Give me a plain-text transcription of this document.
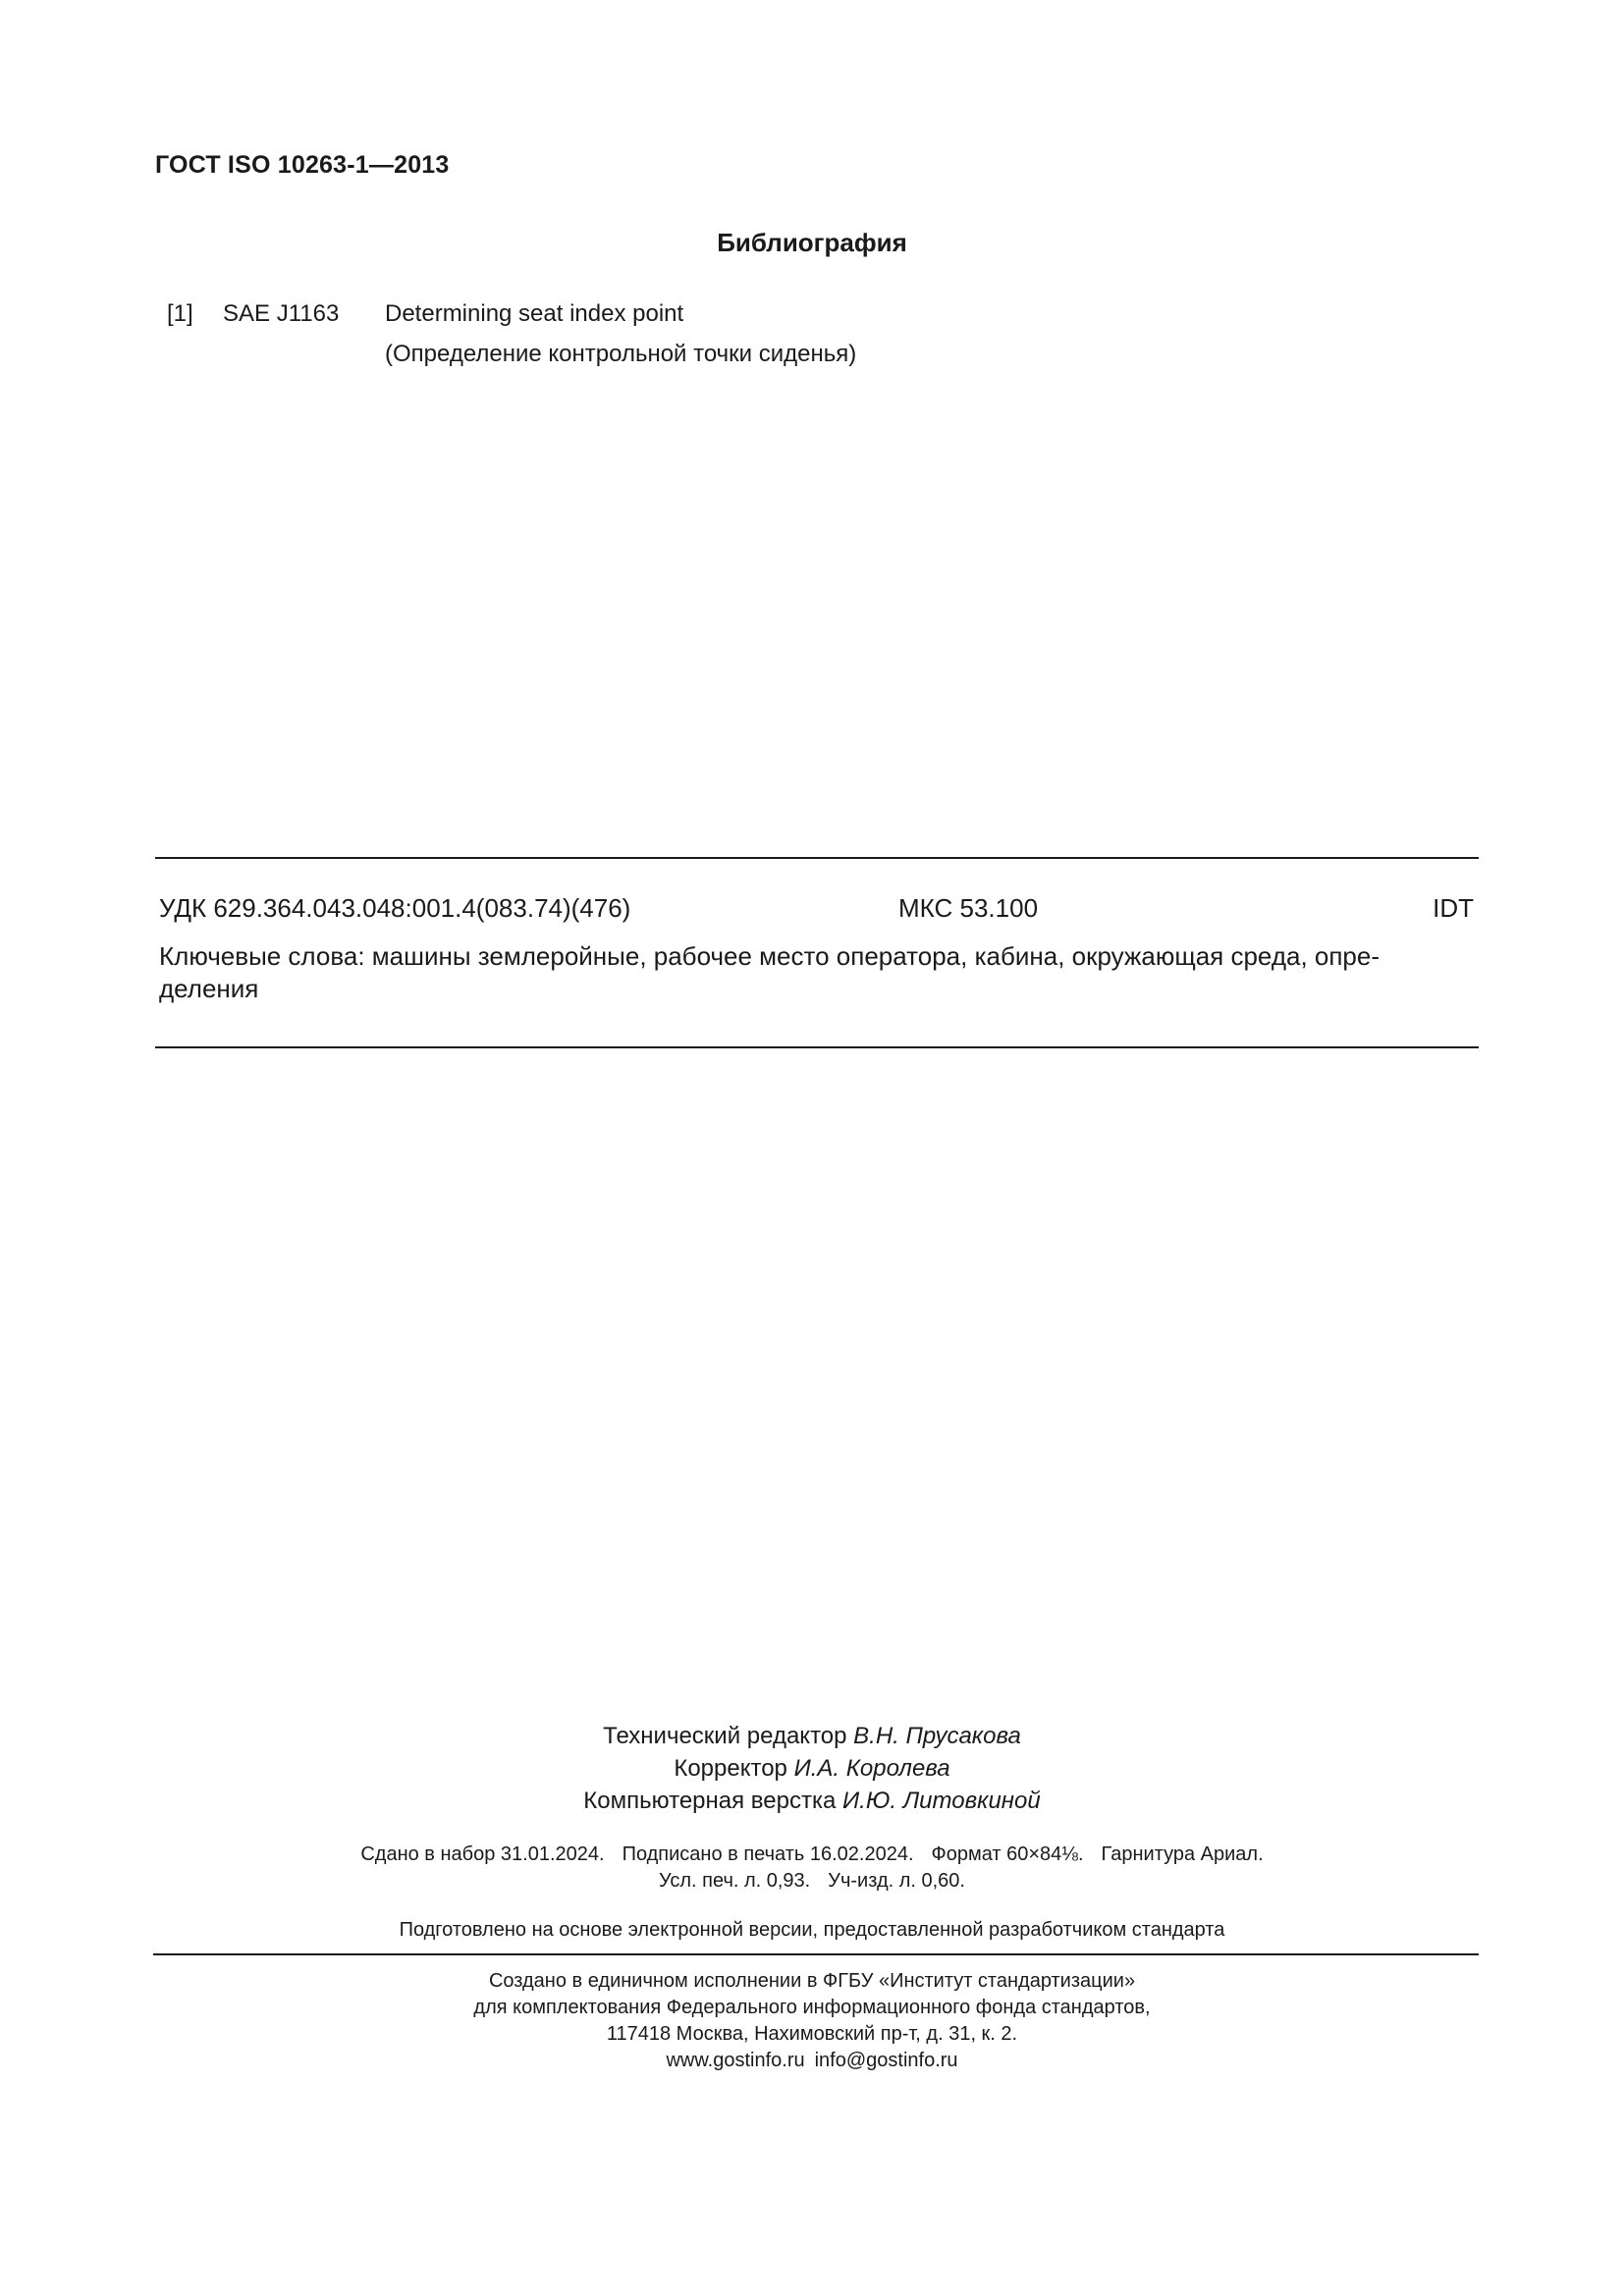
ГОСТ ISO 10263-1—2013
Библиография
[1] SAE J1163 Determining seat index point
(Определение контрольной точки сиденья)
УДК 629.364.043.048:001.4(083.74)(476)	МКС 53.100	IDT
Ключевые слова: машины землеройные, рабочее место оператора, кабина, окружающая среда, опре-
деления
Технический редактор В.Н. Прусакова
Корректор И.А. Королева
Компьютерная верстка И.Ю. Литовкиной
Сдано в набор 31.01.2024. Подписано в печать 16.02.2024. Формат 60×84⅛. Гарнитура Ариал.
Усл. печ. л. 0,93. Уч-изд. л. 0,60.
Подготовлено на основе электронной версии, предоставленной разработчиком стандарта
Создано в единичном исполнении в ФГБУ «Институт стандартизации»
для комплектования Федерального информационного фонда стандартов,
117418 Москва, Нахимовский пр-т, д. 31, к. 2.
www.gostinfo.ru info@gostinfo.ru
